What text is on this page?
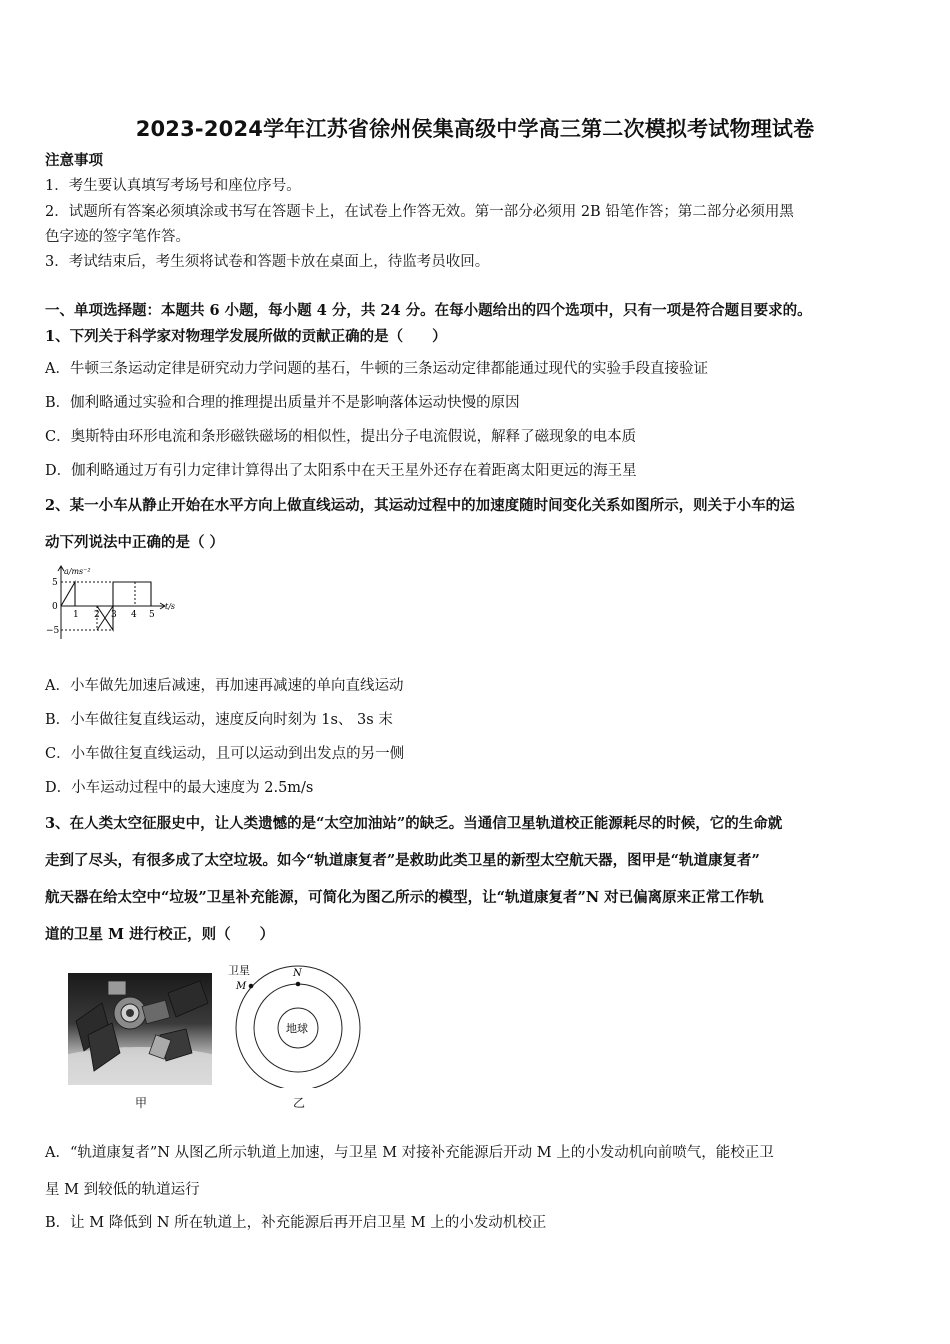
2023-2024学年江苏省徐州侯集高级中学高三第二次模拟考试物理试卷
注意事项
1．考生要认真填写考场号和座位序号。
2．试题所有答案必须填涂或书写在答题卡上，在试卷上作答无效。第一部分必须用 2B 铅笔作答；第二部分必须用黑
色字迹的签字笔作答。
3．考试结束后，考生须将试卷和答题卡放在桌面上，待监考员收回。
一、单项选择题：本题共 6 小题，每小题 4 分，共 24 分。在每小题给出的四个选项中，只有一项是符合题目要求的。
1、下列关于科学家对物理学发展所做的贡献正确的是（　　）
A．牛顿三条运动定律是研究动力学问题的基石，牛顿的三条运动定律都能通过现代的实验手段直接验证
B．伽利略通过实验和合理的推理提出质量并不是影响落体运动快慢的原因
C．奥斯特由环形电流和条形磁铁磁场的相似性，提出分子电流假说，解释了磁现象的电本质
D．伽利略通过万有引力定律计算得出了太阳系中在天王星外还存在着距离太阳更远的海王星
2、某一小车从静止开始在水平方向上做直线运动，其运动过程中的加速度随时间变化关系如图所示，则关于小车的运
动下列说法中正确的是（ ）
a/ms⁻²
t/s
5
0
−5
1 2 3 4 5
A．小车做先加速后减速，再加速再减速的单向直线运动
B．小车做往复直线运动，速度反向时刻为 1s、 3s 末
C．小车做往复直线运动，且可以运动到出发点的另一侧
D．小车运动过程中的最大速度为 2.5m/s
3、在人类太空征服史中，让人类遗憾的是“太空加油站”的缺乏。当通信卫星轨道校正能源耗尽的时候，它的生命就
走到了尽头，有很多成了太空垃圾。如今“轨道康复者”是救助此类卫星的新型太空航天器，图甲是“轨道康复者”
航天器在给太空中“垃圾”卫星补充能源，可简化为图乙所示的模型，让“轨道康复者”N 对已偏离原来正常工作轨
道的卫星 M 进行校正，则（　　）
卫星
M
N
地球
甲	乙
A．“轨道康复者”N 从图乙所示轨道上加速，与卫星 M 对接补充能源后开动 M 上的小发动机向前喷气，能校正卫
星 M 到较低的轨道运行
B．让 M 降低到 N 所在轨道上，补充能源后再开启卫星 M 上的小发动机校正
